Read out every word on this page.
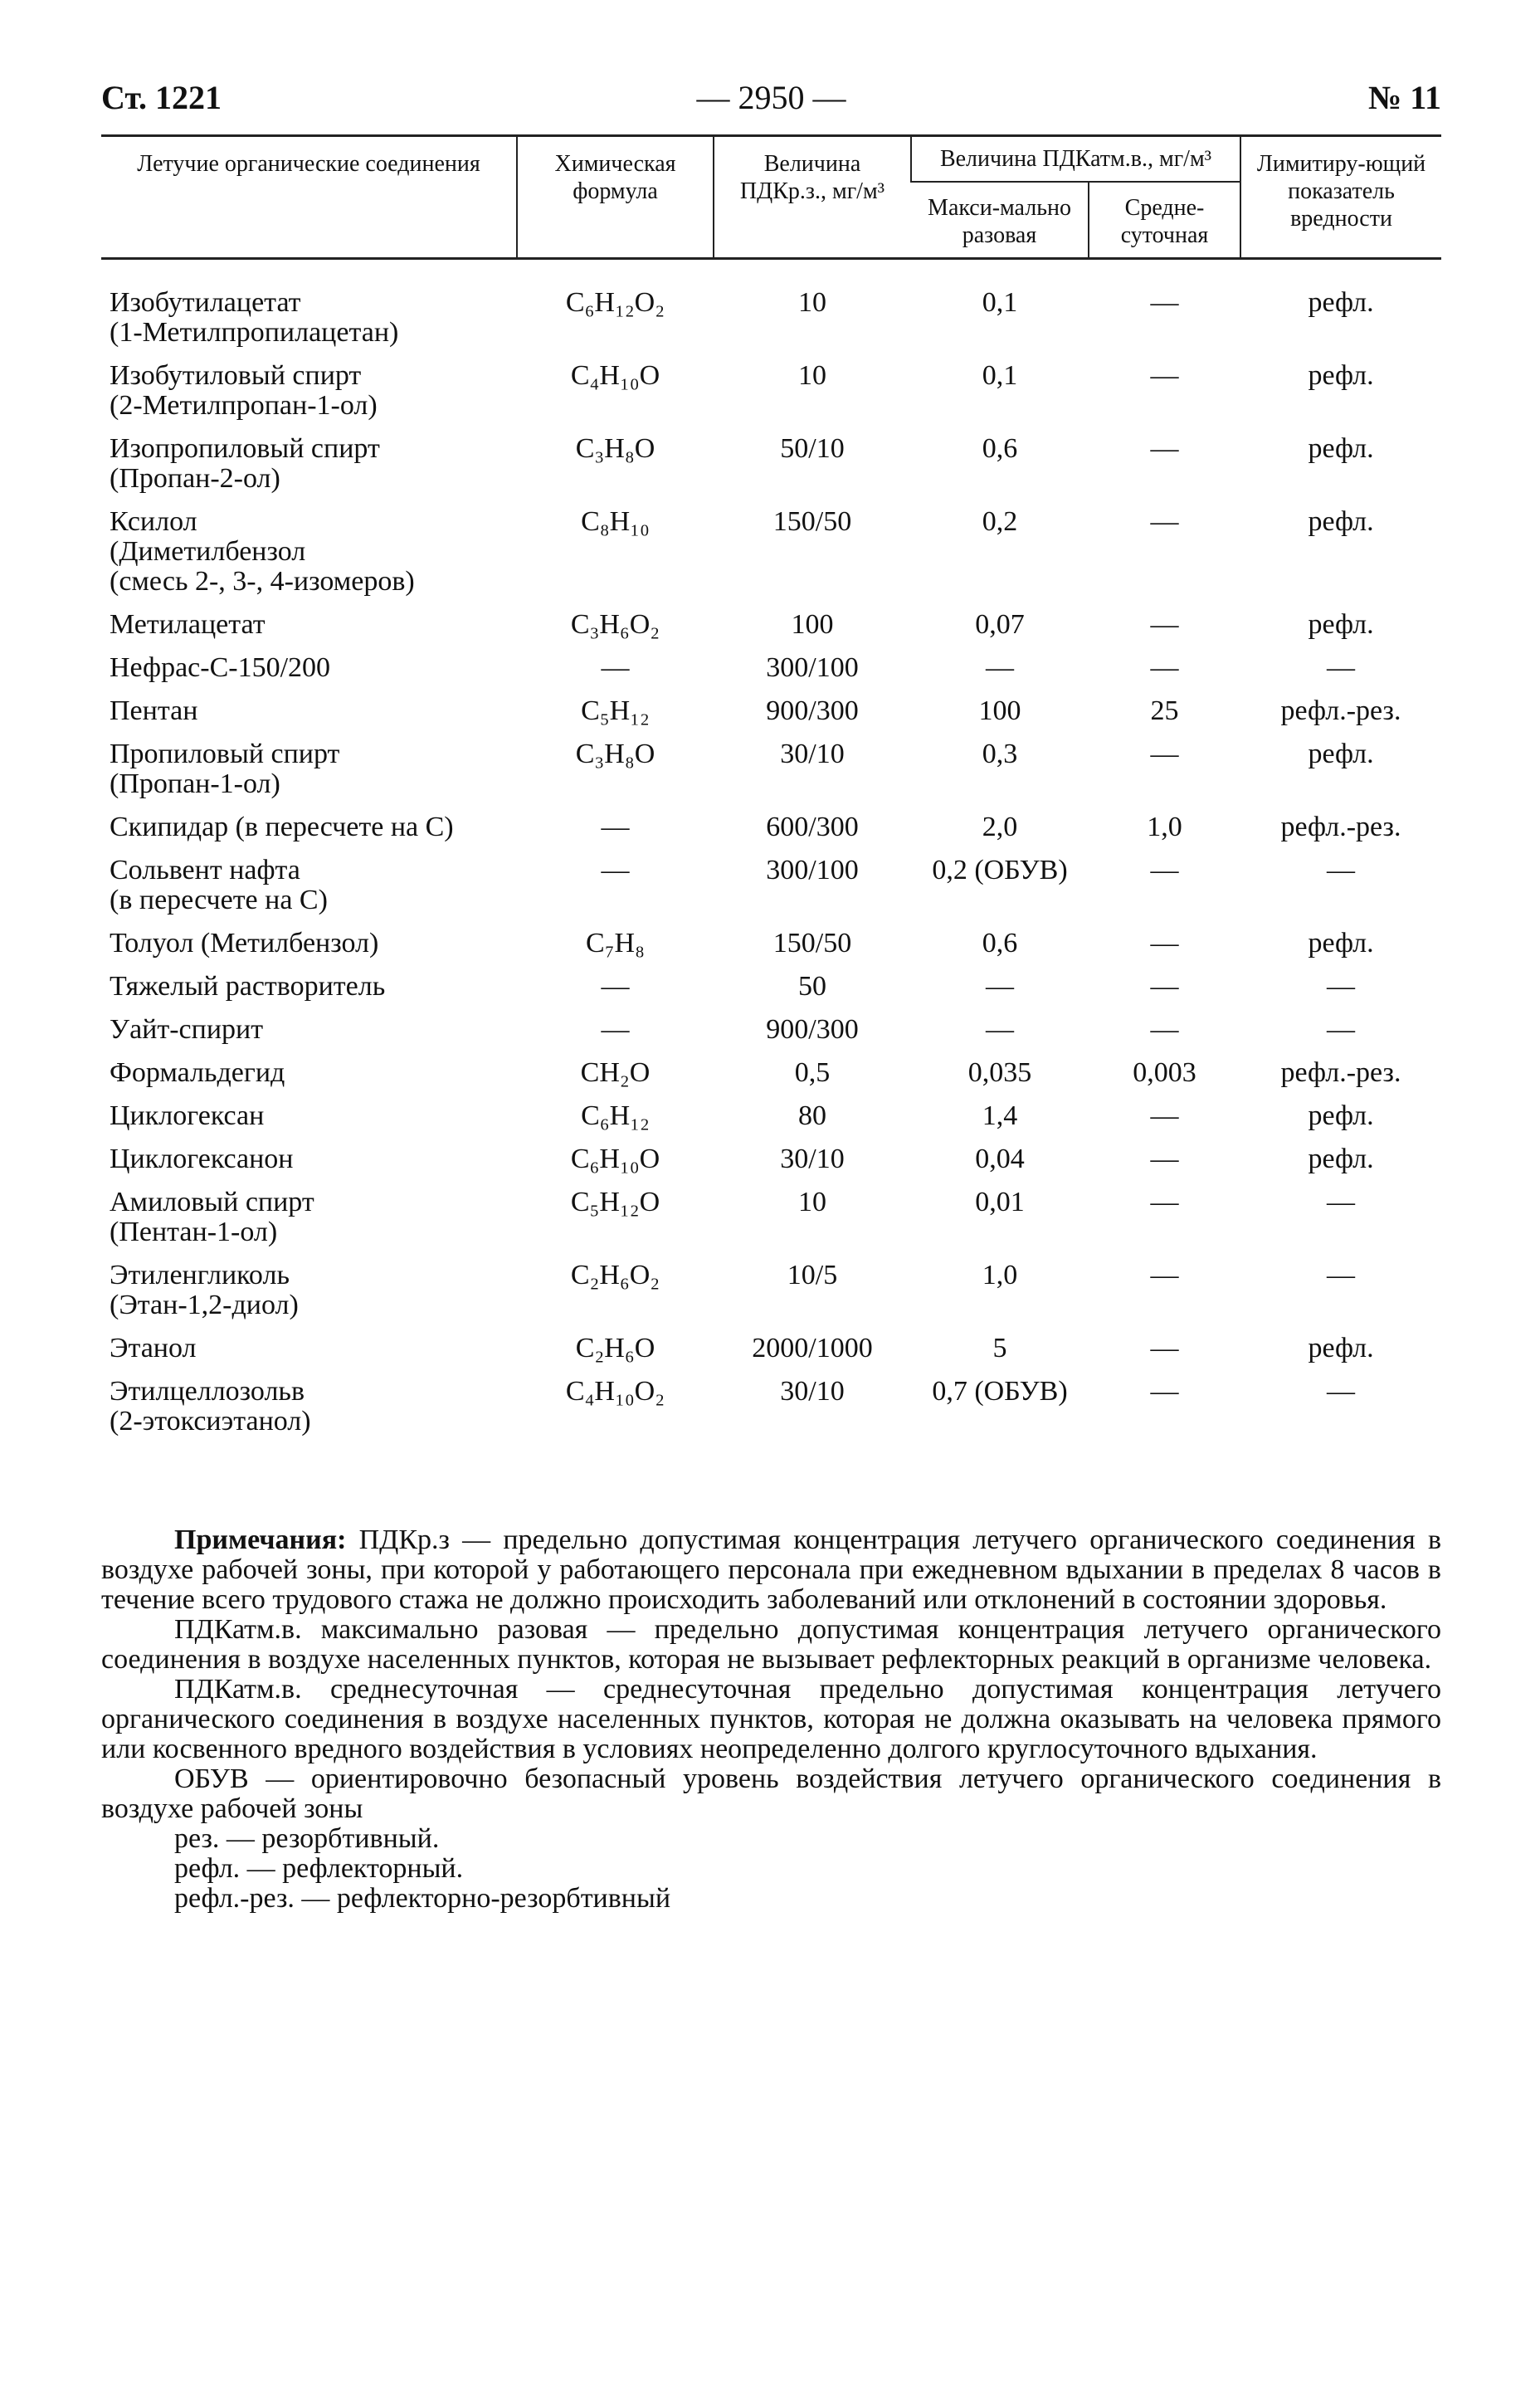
Ст. 1221	— 2950 —	№ 11
Летучие органические соединения	Химическая формула	Величина ПДКр.з., мг/м³	Величина ПДКатм.в., мг/м³		Лимитиру-ющий показатель вредности
			Макси-мально разовая	Средне-суточная	

Изобутилацетат
(1-Метилпропилацетан)	C₆H₁₂O₂	10	0,1	—	рефл.

Изобутиловый спирт
(2-Метилпропан-1-ол)	C₄H₁₀O	10	0,1	—	рефл.

Изопропиловый спирт
(Пропан-2-ол)	C₃H₈O	50/10	0,6	—	рефл.

Ксилол
(Диметилбензол
(смесь 2-, 3-, 4-изомеров)	C₈H₁₀	150/50	0,2	—	рефл.

Метилацетат	C₃H₆O₂	100	0,07	—	рефл.

Нефрас-С-150/200	—	300/100	—	—	—

Пентан	C₅H₁₂	900/300	100	25	рефл.-рез.

Пропиловый спирт
(Пропан-1-ол)	C₃H₈O	30/10	0,3	—	рефл.

Скипидар (в пересчете на С)	—	600/300	2,0	1,0	рефл.-рез.

Сольвент нафта
(в пересчете на С)	—	300/100	0,2 (ОБУВ)	—	—

Толуол (Метилбензол)	C₇H₈	150/50	0,6	—	рефл.

Тяжелый растворитель	—	50	—	—	—

Уайт-спирит	—	900/300	—	—	—

Формальдегид	CH₂O	0,5	0,035	0,003	рефл.-рез.

Циклогексан	C₆H₁₂	80	1,4	—	рефл.

Циклогексанон	C₆H₁₀O	30/10	0,04	—	рефл.

Амиловый спирт
(Пентан-1-ол)	C₅H₁₂O	10	0,01	—	—

Этиленгликоль
(Этан-1,2-диол)	C₂H₆O₂	10/5	1,0	—	—

Этанол	C₂H₆O	2000/1000	5	—	рефл.

Этилцеллозольв
(2-этоксиэтанол)	C₄H₁₀O₂	30/10	0,7 (ОБУВ)	—	—

Примечания: ПДКр.з — предельно допустимая концентрация летучего органического соединения в воздухе рабочей зоны, при которой у работающего персонала при ежедневном вдыхании в пределах 8 часов в течение всего трудового стажа не должно происходить заболеваний или отклонений в состоянии здоровья.

ПДКатм.в. максимально разовая — предельно допустимая концентрация летучего органического соединения в воздухе населенных пунктов, которая не вызывает рефлекторных реакций в организме человека.

ПДКатм.в. среднесуточная — среднесуточная предельно допустимая концентрация летучего органического соединения в воздухе населенных пунктов, которая не должна оказывать на человека прямого или косвенного вредного воздействия в условиях неопределенно долгого круглосуточного вдыхания.

ОБУВ — ориентировочно безопасный уровень воздействия летучего органического соединения в воздухе рабочей зоны

рез. — резорбтивный.

рефл. — рефлекторный.

рефл.-рез. — рефлекторно-резорбтивный
